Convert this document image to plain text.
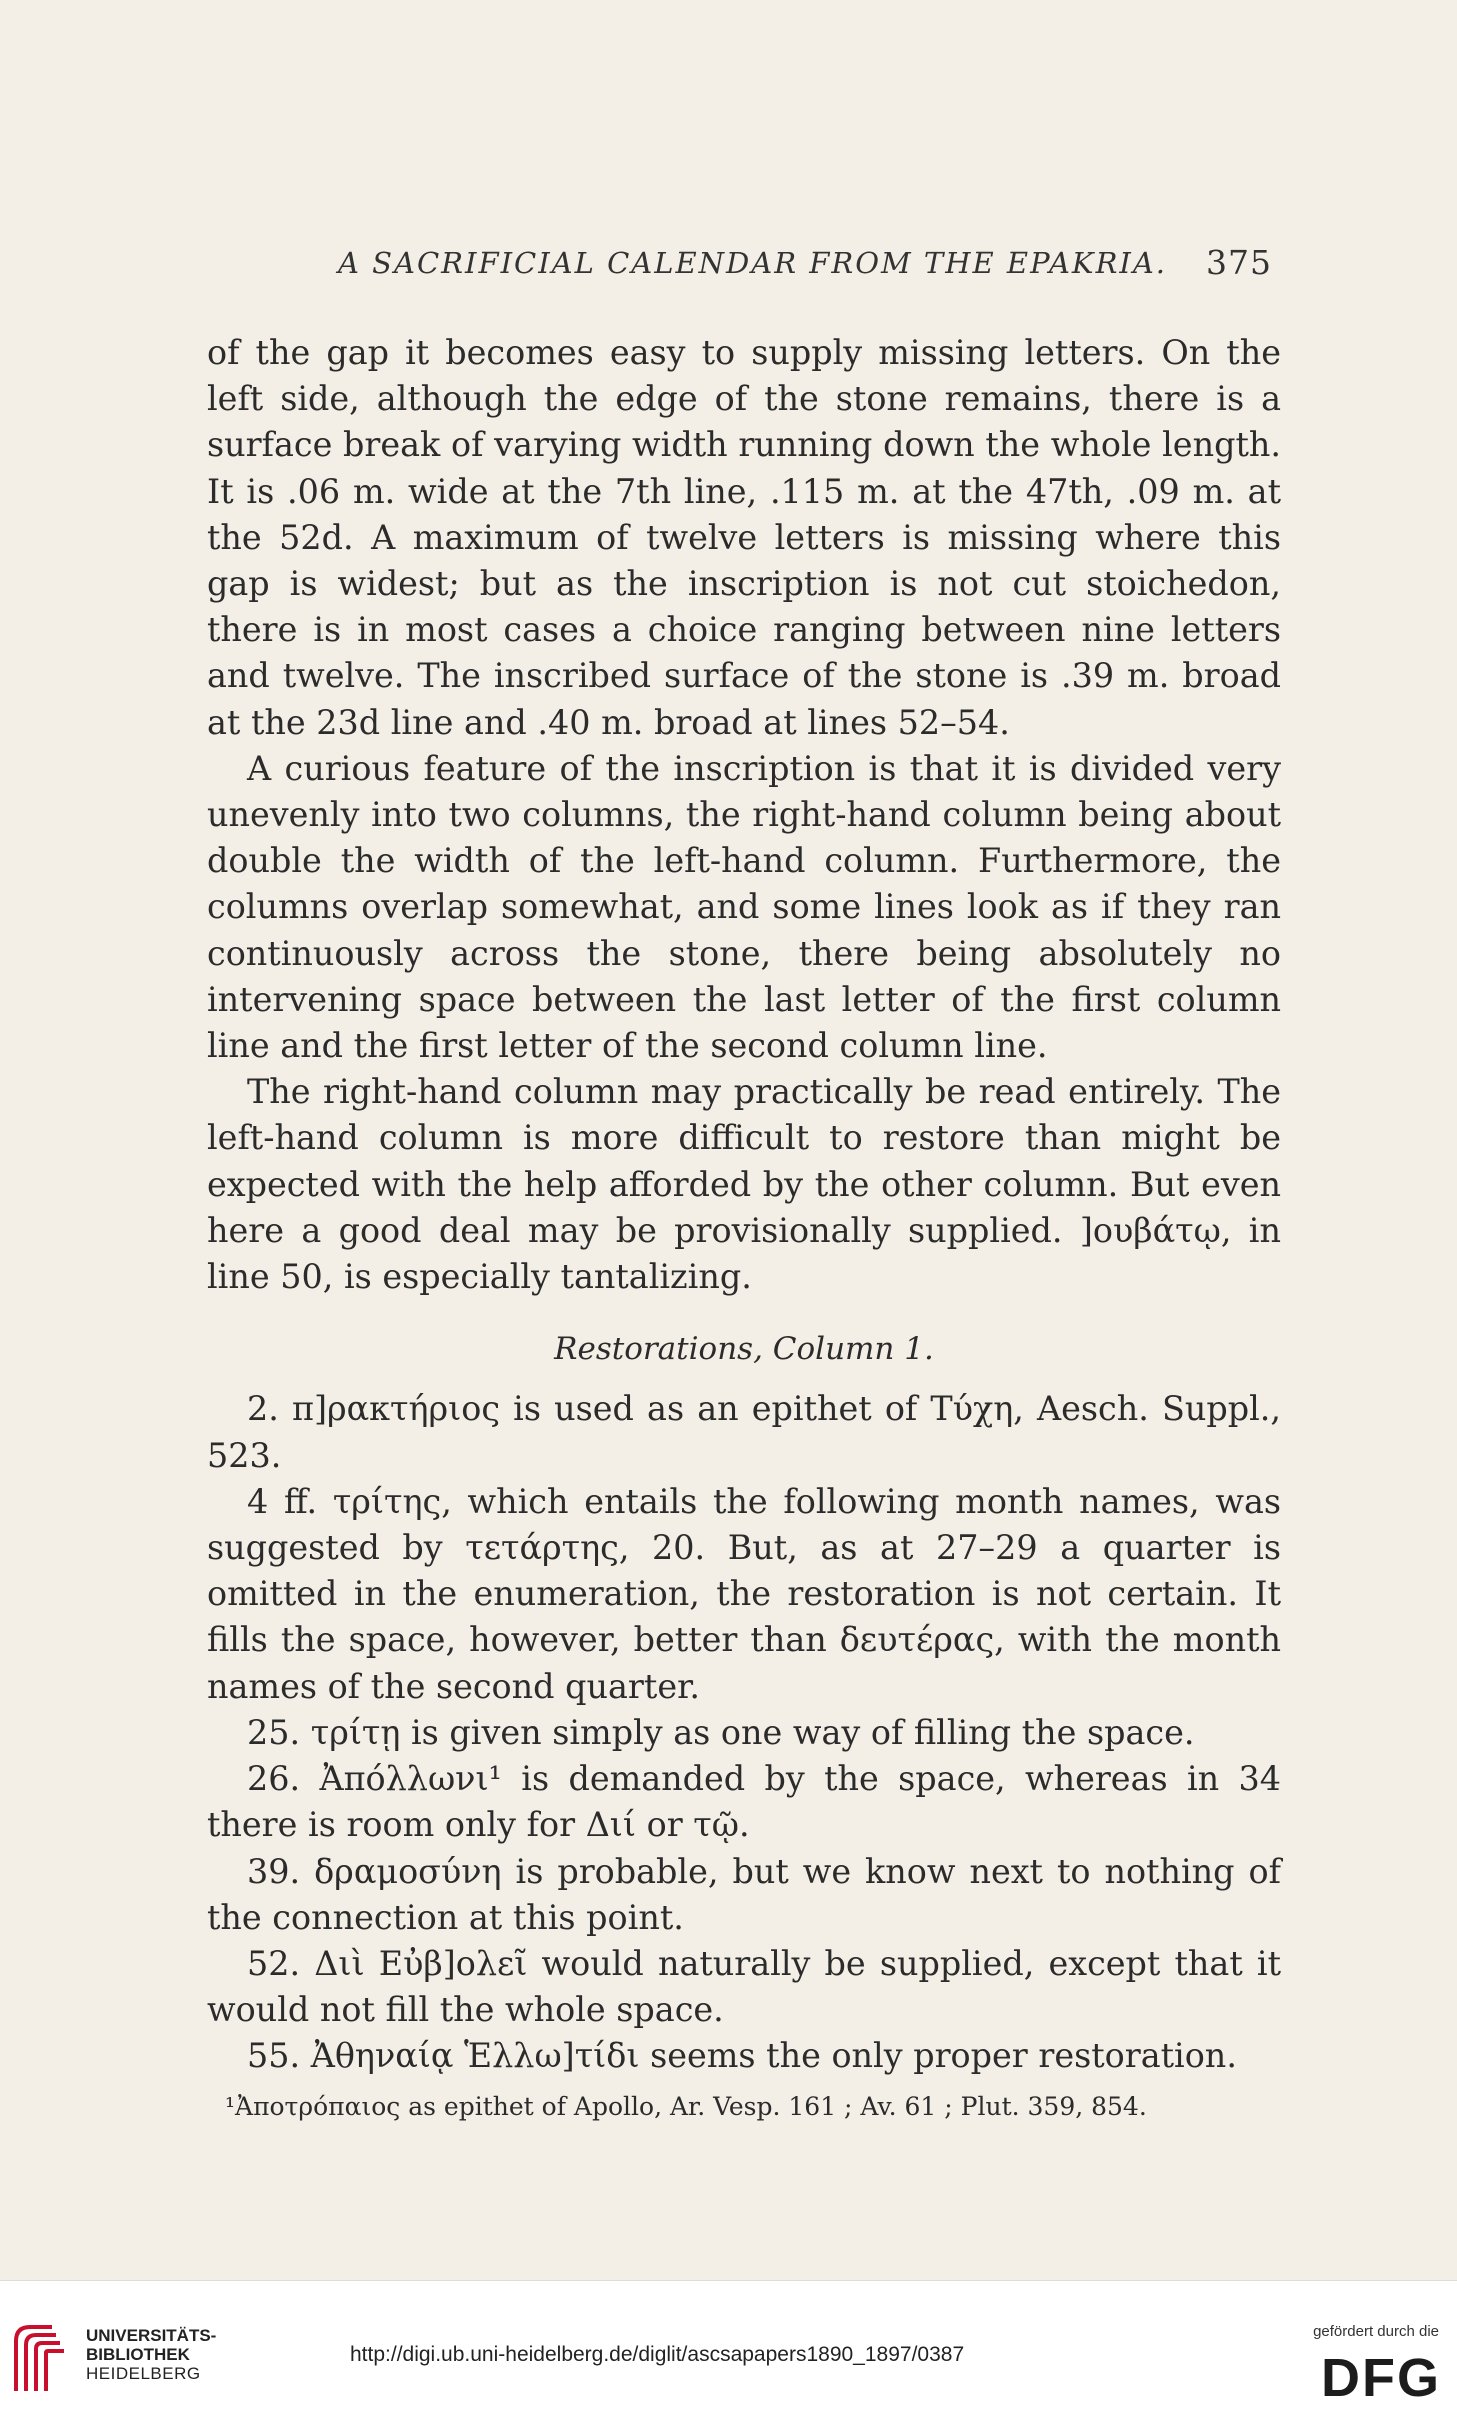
A SACRIFICIAL CALENDAR FROM THE EPAKRIA. 375

of the gap it becomes easy to supply missing letters. On the left side, although the edge of the stone remains, there is a surface break of varying width running down the whole length. It is .06 m. wide at the 7th line, .115 m. at the 47th, .09 m. at the 52d. A maximum of twelve letters is missing where this gap is widest; but as the inscription is not cut stoichedon, there is in most cases a choice ranging between nine letters and twelve. The inscribed surface of the stone is .39 m. broad at the 23d line and .40 m. broad at lines 52–54.

A curious feature of the inscription is that it is divided very unevenly into two columns, the right-hand column being about double the width of the left-hand column. Furthermore, the columns overlap somewhat, and some lines look as if they ran continuously across the stone, there being absolutely no intervening space between the last letter of the first column line and the first letter of the second column line.

The right-hand column may practically be read entirely. The left-hand column is more difficult to restore than might be expected with the help afforded by the other column. But even here a good deal may be provisionally supplied. ]ουβάτῳ, in line 50, is especially tantalizing.

Restorations, Column 1.

2. π]ρακτήριος is used as an epithet of Τύχη, Aesch. Suppl., 523.

4 ff. τρίτης, which entails the following month names, was suggested by τετάρτης, 20. But, as at 27–29 a quarter is omitted in the enumeration, the restoration is not certain. It fills the space, however, better than δευτέρας, with the month names of the second quarter.

25. τρίτῃ is given simply as one way of filling the space.

26. Ἀπόλλωνι¹ is demanded by the space, whereas in 34 there is room only for Διί or τῷ.

39. δραμοσύνη is probable, but we know next to nothing of the connection at this point.

52. Διὶ Εὐβ]ολεῖ would naturally be supplied, except that it would not fill the whole space.

55. Ἀθηναίᾳ Ἑλλω]τίδι seems the only proper restoration.

¹Ἀποτρόπαιος as epithet of Apollo, Ar. Vesp. 161 ; Av. 61 ; Plut. 359, 854.

UNIVERSITÄTS-
BIBLIOTHEK
HEIDELBERG
http://digi.ub.uni-heidelberg.de/diglit/ascsapapers1890_1897/0387
gefördert durch die
DFG
